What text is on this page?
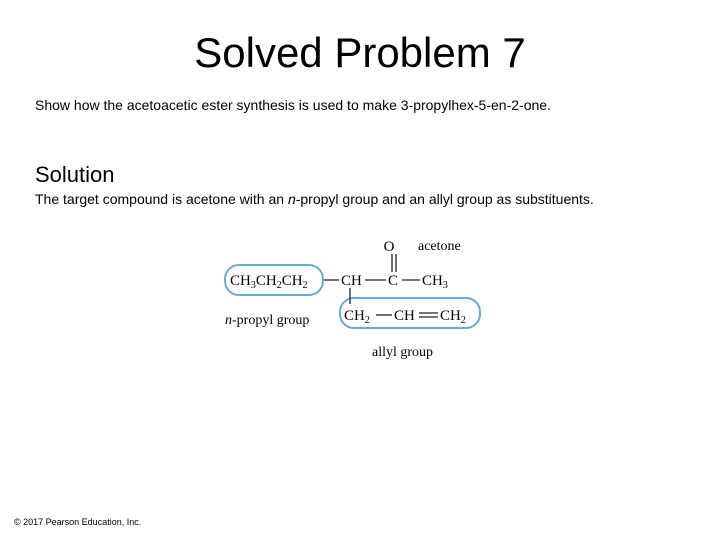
Solved Problem 7
Show how the acetoacetic ester synthesis is used to make 3-propylhex-5-en-2-one.
Solution
The target compound is acetone with an n-propyl group and an allyl group as substituents.
O acetone
$CH_3CH_2CH_2$ CH C $CH_3$
$CH_2$ CH $CH_2$
n-propyl group
allyl group
© 2017 Pearson Education, Inc.
